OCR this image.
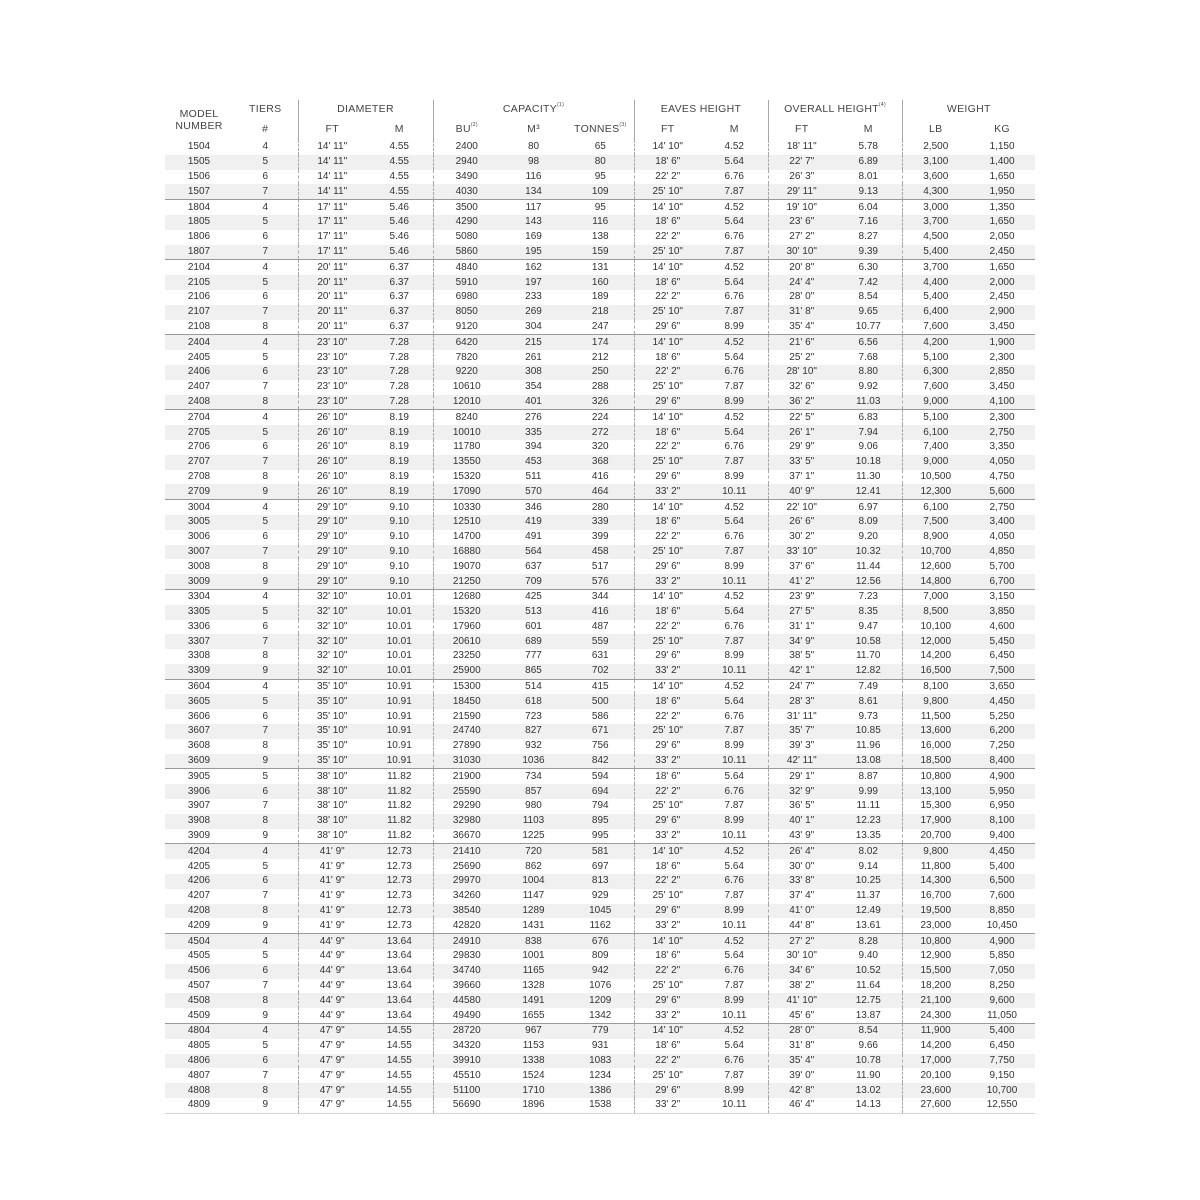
MODEL
NUMBER	TIERS	DIAMETER		CAPACITY$^{(1)}$			EAVES HEIGHT		OVERALL HEIGHT$^{(4)}$		WEIGHT	
	#	FT	M	BU$^{(2)}$	M³	TONNES$^{(3)}$	FT	M	FT	M	LB	KG
1504	4	14' 11"	4.55	2400	80	65	14' 10"	4.52	18' 11"	5.78	2,500	1,150
1505	5	14' 11"	4.55	2940	98	80	18' 6"	5.64	22' 7"	6.89	3,100	1,400
1506	6	14' 11"	4.55	3490	116	95	22' 2"	6.76	26' 3"	8.01	3,600	1,650
1507	7	14' 11"	4.55	4030	134	109	25' 10"	7.87	29' 11"	9.13	4,300	1,950
1804	4	17' 11"	5.46	3500	117	95	14' 10"	4.52	19' 10"	6.04	3,000	1,350
1805	5	17' 11"	5.46	4290	143	116	18' 6"	5.64	23' 6"	7.16	3,700	1,650
1806	6	17' 11"	5.46	5080	169	138	22' 2"	6.76	27' 2"	8.27	4,500	2,050
1807	7	17' 11"	5.46	5860	195	159	25' 10"	7.87	30' 10"	9.39	5,400	2,450
2104	4	20' 11"	6.37	4840	162	131	14' 10"	4.52	20' 8"	6.30	3,700	1,650
2105	5	20' 11"	6.37	5910	197	160	18' 6"	5.64	24' 4"	7.42	4,400	2,000
2106	6	20' 11"	6.37	6980	233	189	22' 2"	6.76	28' 0"	8.54	5,400	2,450
2107	7	20' 11"	6.37	8050	269	218	25' 10"	7.87	31' 8"	9.65	6,400	2,900
2108	8	20' 11"	6.37	9120	304	247	29' 6"	8.99	35' 4"	10.77	7,600	3,450
2404	4	23' 10"	7.28	6420	215	174	14' 10"	4.52	21' 6"	6.56	4,200	1,900
2405	5	23' 10"	7.28	7820	261	212	18' 6"	5.64	25' 2"	7.68	5,100	2,300
2406	6	23' 10"	7.28	9220	308	250	22' 2"	6.76	28' 10"	8.80	6,300	2,850
2407	7	23' 10"	7.28	10610	354	288	25' 10"	7.87	32' 6"	9.92	7,600	3,450
2408	8	23' 10"	7.28	12010	401	326	29' 6"	8.99	36' 2"	11.03	9,000	4,100
2704	4	26' 10"	8.19	8240	276	224	14' 10"	4.52	22' 5"	6.83	5,100	2,300
2705	5	26' 10"	8.19	10010	335	272	18' 6"	5.64	26' 1"	7.94	6,100	2,750
2706	6	26' 10"	8.19	11780	394	320	22' 2"	6.76	29' 9"	9.06	7,400	3,350
2707	7	26' 10"	8.19	13550	453	368	25' 10"	7.87	33' 5"	10.18	9,000	4,050
2708	8	26' 10"	8.19	15320	511	416	29' 6"	8.99	37' 1"	11.30	10,500	4,750
2709	9	26' 10"	8.19	17090	570	464	33' 2"	10.11	40' 9"	12.41	12,300	5,600
3004	4	29' 10"	9.10	10330	346	280	14' 10"	4.52	22' 10"	6.97	6,100	2,750
3005	5	29' 10"	9.10	12510	419	339	18' 6"	5.64	26' 6"	8.09	7,500	3,400
3006	6	29' 10"	9.10	14700	491	399	22' 2"	6.76	30' 2"	9.20	8,900	4,050
3007	7	29' 10"	9.10	16880	564	458	25' 10"	7.87	33' 10"	10.32	10,700	4,850
3008	8	29' 10"	9.10	19070	637	517	29' 6"	8.99	37' 6"	11.44	12,600	5,700
3009	9	29' 10"	9.10	21250	709	576	33' 2"	10.11	41' 2"	12.56	14,800	6,700
3304	4	32' 10"	10.01	12680	425	344	14' 10"	4.52	23' 9"	7.23	7,000	3,150
3305	5	32' 10"	10.01	15320	513	416	18' 6"	5.64	27' 5"	8.35	8,500	3,850
3306	6	32' 10"	10.01	17960	601	487	22' 2"	6.76	31' 1"	9.47	10,100	4,600
3307	7	32' 10"	10.01	20610	689	559	25' 10"	7.87	34' 9"	10.58	12,000	5,450
3308	8	32' 10"	10.01	23250	777	631	29' 6"	8.99	38' 5"	11.70	14,200	6,450
3309	9	32' 10"	10.01	25900	865	702	33' 2"	10.11	42' 1"	12.82	16,500	7,500
3604	4	35' 10"	10.91	15300	514	415	14' 10"	4.52	24' 7"	7.49	8,100	3,650
3605	5	35' 10"	10.91	18450	618	500	18' 6"	5.64	28' 3"	8.61	9,800	4,450
3606	6	35' 10"	10.91	21590	723	586	22' 2"	6.76	31' 11"	9.73	11,500	5,250
3607	7	35' 10"	10.91	24740	827	671	25' 10"	7.87	35' 7"	10.85	13,600	6,200
3608	8	35' 10"	10.91	27890	932	756	29' 6"	8.99	39' 3"	11.96	16,000	7,250
3609	9	35' 10"	10.91	31030	1036	842	33' 2"	10.11	42' 11"	13.08	18,500	8,400
3905	5	38' 10"	11.82	21900	734	594	18' 6"	5.64	29' 1"	8.87	10,800	4,900
3906	6	38' 10"	11.82	25590	857	694	22' 2"	6.76	32' 9"	9.99	13,100	5,950
3907	7	38' 10"	11.82	29290	980	794	25' 10"	7.87	36' 5"	11.11	15,300	6,950
3908	8	38' 10"	11.82	32980	1103	895	29' 6"	8.99	40' 1"	12.23	17,900	8,100
3909	9	38' 10"	11.82	36670	1225	995	33' 2"	10.11	43' 9"	13.35	20,700	9,400
4204	4	41' 9"	12.73	21410	720	581	14' 10"	4.52	26' 4"	8.02	9,800	4,450
4205	5	41' 9"	12.73	25690	862	697	18' 6"	5.64	30' 0"	9.14	11,800	5,400
4206	6	41' 9"	12.73	29970	1004	813	22' 2"	6.76	33' 8"	10.25	14,300	6,500
4207	7	41' 9"	12.73	34260	1147	929	25' 10"	7.87	37' 4"	11.37	16,700	7,600
4208	8	41' 9"	12.73	38540	1289	1045	29' 6"	8.99	41' 0"	12.49	19,500	8,850
4209	9	41' 9"	12.73	42820	1431	1162	33' 2"	10.11	44' 8"	13.61	23,000	10,450
4504	4	44' 9"	13.64	24910	838	676	14' 10"	4.52	27' 2"	8.28	10,800	4,900
4505	5	44' 9"	13.64	29830	1001	809	18' 6"	5.64	30' 10"	9.40	12,900	5,850
4506	6	44' 9"	13.64	34740	1165	942	22' 2"	6.76	34' 6"	10.52	15,500	7,050
4507	7	44' 9"	13.64	39660	1328	1076	25' 10"	7.87	38' 2"	11.64	18,200	8,250
4508	8	44' 9"	13.64	44580	1491	1209	29' 6"	8.99	41' 10"	12.75	21,100	9,600
4509	9	44' 9"	13.64	49490	1655	1342	33' 2"	10.11	45' 6"	13.87	24,300	11,050
4804	4	47' 9"	14.55	28720	967	779	14' 10"	4.52	28' 0"	8.54	11,900	5,400
4805	5	47' 9"	14.55	34320	1153	931	18' 6"	5.64	31' 8"	9.66	14,200	6,450
4806	6	47' 9"	14.55	39910	1338	1083	22' 2"	6.76	35' 4"	10.78	17,000	7,750
4807	7	47' 9"	14.55	45510	1524	1234	25' 10"	7.87	39' 0"	11.90	20,100	9,150
4808	8	47' 9"	14.55	51100	1710	1386	29' 6"	8.99	42' 8"	13.02	23,600	10,700
4809	9	47' 9"	14.55	56690	1896	1538	33' 2"	10.11	46' 4"	14.13	27,600	12,550
